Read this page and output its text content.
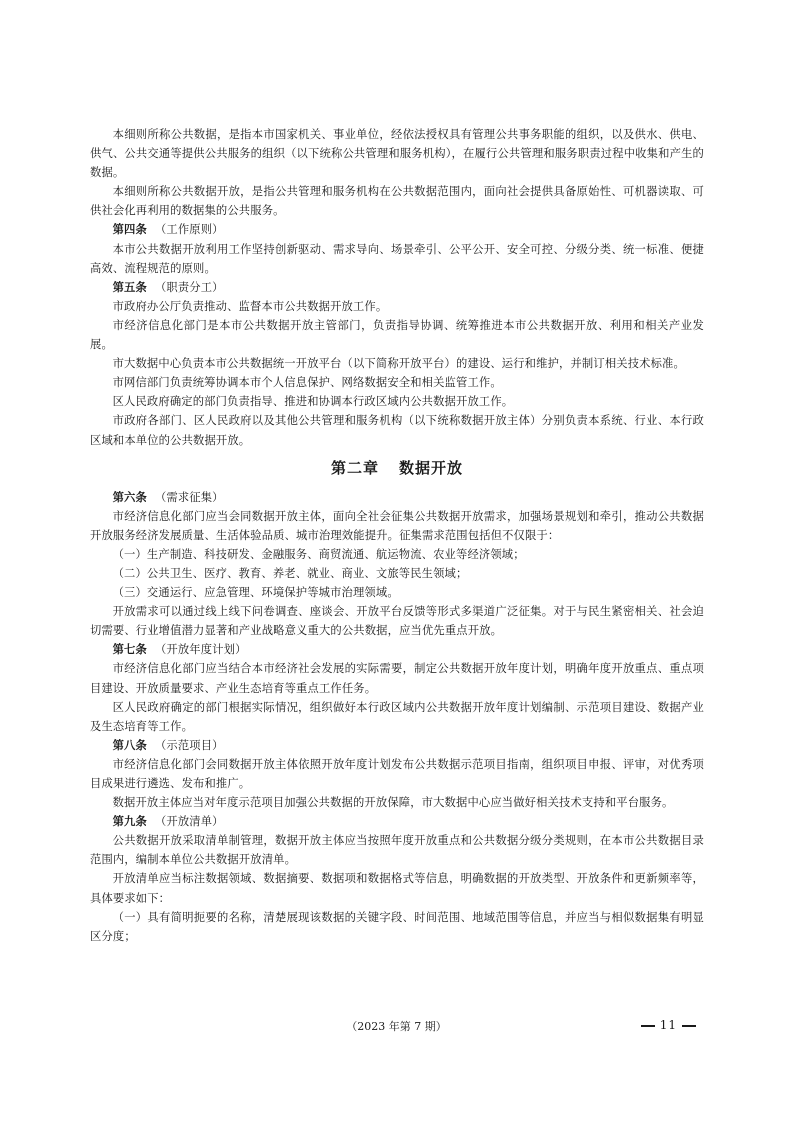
本细则所称公共数据，是指本市国家机关、事业单位，经依法授权具有管理公共事务职能的组织，以及供水、供电、供气、公共交通等提供公共服务的组织（以下统称公共管理和服务机构），在履行公共管理和服务职责过程中收集和产生的数据。

本细则所称公共数据开放，是指公共管理和服务机构在公共数据范围内，面向社会提供具备原始性、可机器读取、可供社会化再利用的数据集的公共服务。

第四条 （工作原则）

本市公共数据开放利用工作坚持创新驱动、需求导向、场景牵引、公平公开、安全可控、分级分类、统一标准、便捷高效、流程规范的原则。

第五条 （职责分工）

市政府办公厅负责推动、监督本市公共数据开放工作。

市经济信息化部门是本市公共数据开放主管部门，负责指导协调、统筹推进本市公共数据开放、利用和相关产业发展。

市大数据中心负责本市公共数据统一开放平台（以下简称开放平台）的建设、运行和维护，并制订相关技术标准。

市网信部门负责统筹协调本市个人信息保护、网络数据安全和相关监管工作。

区人民政府确定的部门负责指导、推进和协调本行政区域内公共数据开放工作。

市政府各部门、区人民政府以及其他公共管理和服务机构（以下统称数据开放主体）分别负责本系统、行业、本行政区域和本单位的公共数据开放。

第二章 数据开放

第六条 （需求征集）

市经济信息化部门应当会同数据开放主体，面向全社会征集公共数据开放需求，加强场景规划和牵引，推动公共数据开放服务经济发展质量、生活体验品质、城市治理效能提升。征集需求范围包括但不仅限于：

（一）生产制造、科技研发、金融服务、商贸流通、航运物流、农业等经济领域；

（二）公共卫生、医疗、教育、养老、就业、商业、文旅等民生领域；

（三）交通运行、应急管理、环境保护等城市治理领域。

开放需求可以通过线上线下问卷调查、座谈会、开放平台反馈等形式多渠道广泛征集。对于与民生紧密相关、社会迫切需要、行业增值潜力显著和产业战略意义重大的公共数据，应当优先重点开放。

第七条 （开放年度计划）

市经济信息化部门应当结合本市经济社会发展的实际需要，制定公共数据开放年度计划，明确年度开放重点、重点项目建设、开放质量要求、产业生态培育等重点工作任务。

区人民政府确定的部门根据实际情况，组织做好本行政区域内公共数据开放年度计划编制、示范项目建设、数据产业及生态培育等工作。

第八条 （示范项目）

市经济信息化部门会同数据开放主体依照开放年度计划发布公共数据示范项目指南，组织项目申报、评审，对优秀项目成果进行遴选、发布和推广。

数据开放主体应当对年度示范项目加强公共数据的开放保障，市大数据中心应当做好相关技术支持和平台服务。

第九条 （开放清单）

公共数据开放采取清单制管理，数据开放主体应当按照年度开放重点和公共数据分级分类规则，在本市公共数据目录范围内，编制本单位公共数据开放清单。

开放清单应当标注数据领域、数据摘要、数据项和数据格式等信息，明确数据的开放类型、开放条件和更新频率等，具体要求如下：

（一）具有简明扼要的名称，清楚展现该数据的关键字段、时间范围、地域范围等信息，并应当与相似数据集有明显区分度；

（2023 年第 7 期）	11
